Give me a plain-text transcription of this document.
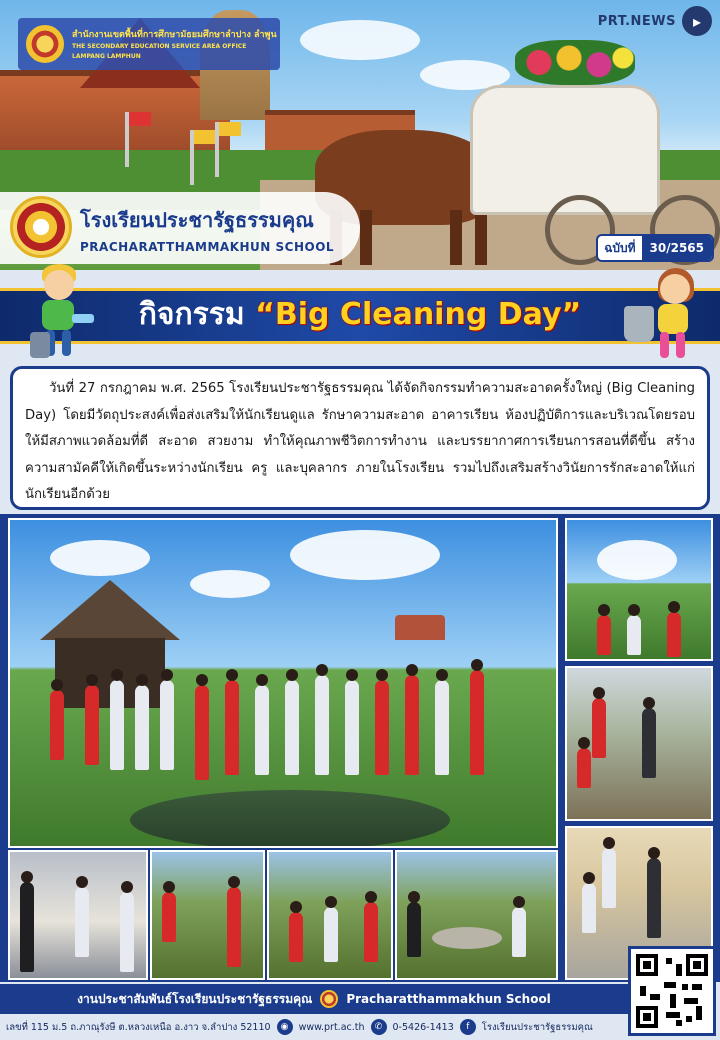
สำนักงานเขตพื้นที่การศึกษามัธยมศึกษาลำปาง ลำพูน
THE SECONDARY EDUCATION SERVICE AREA OFFICE
LAMPANG LAMPHUN
PRT.NEWS	▸
โรงเรียนประชารัฐธรรมคุณ
PRACHARATTHAMMAKHUN SCHOOL	ฉบับที่	30/2565
กิจกรรม “Big Cleaning Day”

วันที่ 27 กรกฎาคม พ.ศ. 2565 โรงเรียนประชารัฐธรรมคุณ ได้จัดกิจกรรมทำความสะอาดครั้งใหญ่ (Big Cleaning Day) โดยมีวัตถุประสงค์เพื่อส่งเสริมให้นักเรียนดูแล รักษาความสะอาด อาคารเรียน ห้องปฏิบัติการและบริเวณโดยรอบ ให้มีสภาพแวดล้อมที่ดี สะอาด สวยงาม ทำให้คุณภาพชีวิตการทำงาน และบรรยากาศการเรียนการสอนที่ดีขึ้น สร้างความสามัคคีให้เกิดขึ้นระหว่างนักเรียน ครู และบุคลากร ภายในโรงเรียน รวมไปถึงเสริมสร้างวินัยการรักสะอาดให้แก่นักเรียนอีกด้วย

งานประชาสัมพันธ์โรงเรียนประชารัฐธรรมคุณ	Pracharatthammakhun School
เลขที่ 115 ม.5 ถ.ภาณุรังษี ต.หลวงเหนือ อ.งาว จ.ลำปาง 52110	◉	www.prt.ac.th	✆	0-5426-1413	f	โรงเรียนประชารัฐธรรมคุณ
